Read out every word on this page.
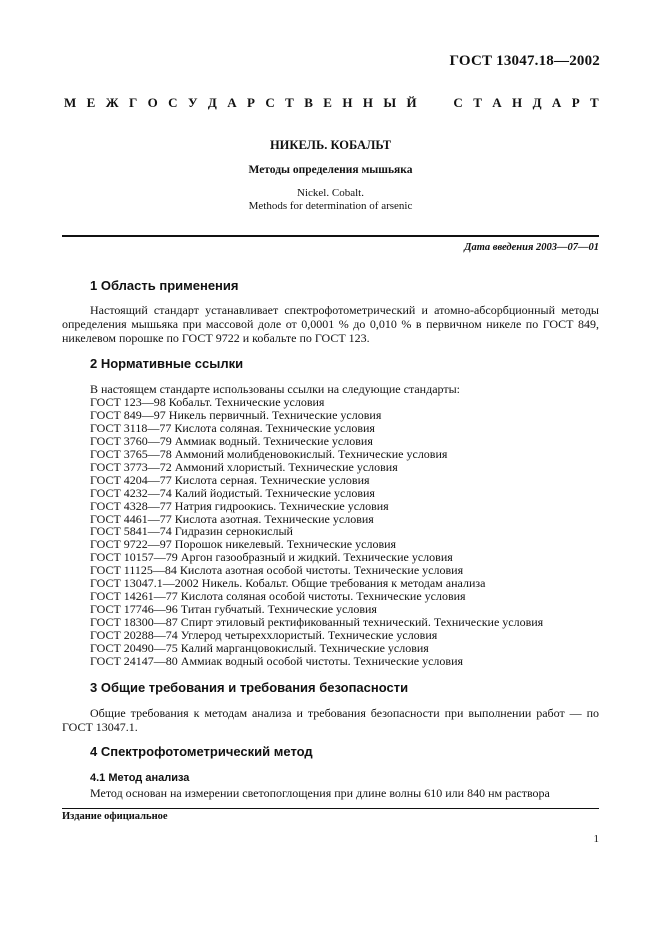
ГОСТ 13047.18—2002
М Е Ж Г О С У Д А Р С Т В Е Н Н Ы Й	С Т А Н Д А Р Т
НИКЕЛЬ. КОБАЛЬТ
Методы определения мышьяка
Nickel. Cobalt.
Methods for determination of arsenic
Дата введения 2003—07—01
1 Область применения
Настоящий стандарт устанавливает спектрофотометрический и атомно-абсорбционный методы определения мышьяка при массовой доле от 0,0001 % до 0,010 % в первичном никеле по ГОСТ 849, никелевом порошке по ГОСТ 9722 и кобальте по ГОСТ 123.
2 Нормативные ссылки
В настоящем стандарте использованы ссылки на следующие стандарты:
ГОСТ 123—98 Кобальт. Технические условия
ГОСТ 849—97 Никель первичный. Технические условия
ГОСТ 3118—77 Кислота соляная. Технические условия
ГОСТ 3760—79 Аммиак водный. Технические условия
ГОСТ 3765—78 Аммоний молибденовокислый. Технические условия
ГОСТ 3773—72 Аммоний хлористый. Технические условия
ГОСТ 4204—77 Кислота серная. Технические условия
ГОСТ 4232—74 Калий йодистый. Технические условия
ГОСТ 4328—77 Натрия гидроокись. Технические условия
ГОСТ 4461—77 Кислота азотная. Технические условия
ГОСТ 5841—74 Гидразин сернокислый
ГОСТ 9722—97 Порошок никелевый. Технические условия
ГОСТ 10157—79 Аргон газообразный и жидкий. Технические условия
ГОСТ 11125—84 Кислота азотная особой чистоты. Технические условия
ГОСТ 13047.1—2002 Никель. Кобальт. Общие требования к методам анализа
ГОСТ 14261—77 Кислота соляная особой чистоты. Технические условия
ГОСТ 17746—96 Титан губчатый. Технические условия
ГОСТ 18300—87 Спирт этиловый ректификованный технический. Технические условия
ГОСТ 20288—74 Углерод четыреххлористый. Технические условия
ГОСТ 20490—75 Калий марганцовокислый. Технические условия
ГОСТ 24147—80 Аммиак водный особой чистоты. Технические условия
3 Общие требования и требования безопасности
Общие требования к методам анализа и требования безопасности при выполнении работ — по ГОСТ 13047.1.
4 Спектрофотометрический метод
4.1 Метод анализа
Метод основан на измерении светопоглощения при длине волны 610 или 840 нм раствора
Издание официальное
1
